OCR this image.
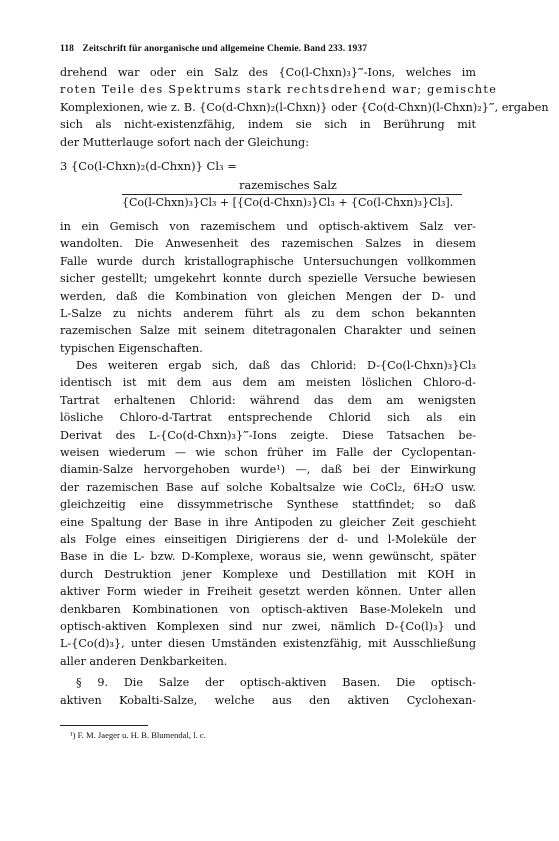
118 Zeitschrift für anorganische und allgemeine Chemie. Band 233. 1937
drehend war oder ein Salz des {Co(l-Chxn)₃}‴-Ions, welches im
roten Teile des Spektrums stark rechtsdrehend war; gemischte
Komplexionen, wie z. B. {Co(d-Chxn)₂(l-Chxn)} oder {Co(d-Chxn)(l-Chxn)₂}‴, ergaben
sich als nicht-existenzfähig, indem sie sich in Berührung mit
der Mutterlauge sofort nach der Gleichung:
3 {Co(l-Chxn)₂(d-Chxn)} Cl₃ =
razemisches Salz
{Co(l-Chxn)₃}Cl₃ + [{Co(d-Chxn)₃}Cl₃ + {Co(l-Chxn)₃}Cl₃].
in ein Gemisch von razemischem und optisch-aktivem Salz ver-
wandolten. Die Anwesenheit des razemischen Salzes in diesem
Falle wurde durch kristallographische Untersuchungen vollkommen
sicher gestellt; umgekehrt konnte durch spezielle Versuche bewiesen
werden, daß die Kombination von gleichen Mengen der D- und
L-Salze zu nichts anderem führt als zu dem schon bekannten
razemischen Salze mit seinem ditetragonalen Charakter und seinen
typischen Eigenschaften.
Des weiteren ergab sich, daß das Chlorid: D-{Co(l-Chxn)₃}Cl₃
identisch ist mit dem aus dem am meisten löslichen Chloro-d-
Tartrat erhaltenen Chlorid: während das dem am wenigsten
lösliche Chloro-d-Tartrat entsprechende Chlorid sich als ein
Derivat des L-{Co(d-Chxn)₃}‴-Ions zeigte. Diese Tatsachen be-
weisen wiederum — wie schon früher im Falle der Cyclopentan-
diamin-Salze hervorgehoben wurde¹) —, daß bei der Einwirkung
der razemischen Base auf solche Kobaltsalze wie CoCl₂, 6H₂O usw.
gleichzeitig eine dissymmetrische Synthese stattfindet; so daß
eine Spaltung der Base in ihre Antipoden zu gleicher Zeit geschieht
als Folge eines einseitigen Dirigierens der d- und l-Moleküle der
Base in die L- bzw. D-Komplexe, woraus sie, wenn gewünscht, später
durch Destruktion jener Komplexe und Destillation mit KOH in
aktiver Form wieder in Freiheit gesetzt werden können. Unter allen
denkbaren Kombinationen von optisch-aktiven Base-Molekeln und
optisch-aktiven Komplexen sind nur zwei, nämlich D-{Co(l)₃} und
L-{Co(d)₃}, unter diesen Umständen existenzfähig, mit Ausschließung
aller anderen Denkbarkeiten.
§ 9. Die Salze der optisch-aktiven Basen. Die optisch-
aktiven Kobalti-Salze, welche aus den aktiven Cyclohexan-
¹) F. M. Jaeger u. H. B. Blumendal, l. c.
